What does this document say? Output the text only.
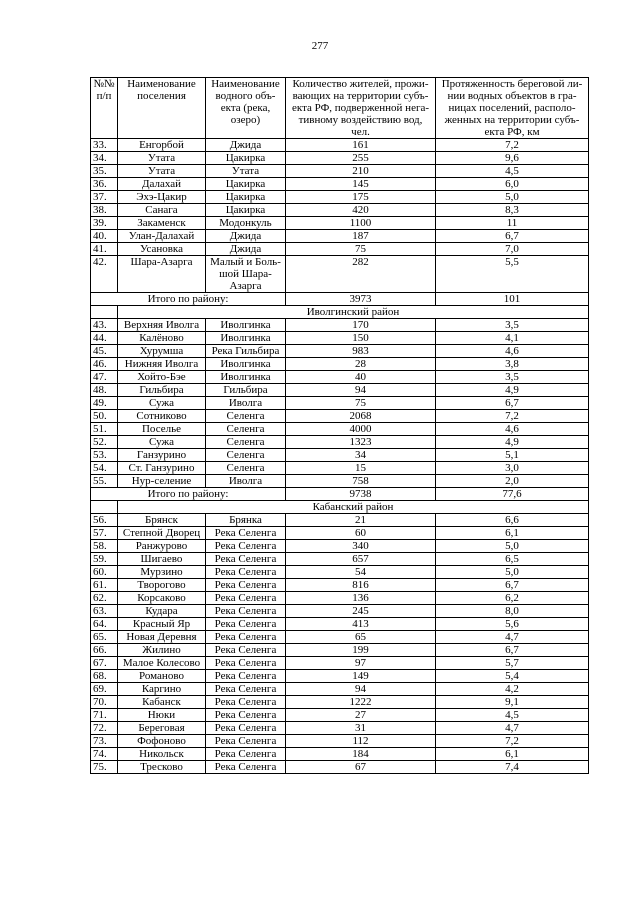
277
№№ п/п	Наименование поселения	Наименование водного объ-екта (река, озеро)	Количество жителей, прожи-вающих на территории субъ-екта РФ, подверженной нега-тивному воздействию вод, чел.	Протяженность береговой ли-нии водных объектов в гра-ницах поселений, располо-женных на территории субъ-екта РФ, км
33.	Енгорбой	Джида	161	7,2
34.	Утата	Цакирка	255	9,6
35.	Утата	Утата	210	4,5
36.	Далахай	Цакирка	145	6,0
37.	Эхэ-Цакир	Цакирка	175	5,0
38.	Санага	Цакирка	420	8,3
39.	Закаменск	Модонкуль	1100	11
40.	Улан-Далахай	Джида	187	6,7
41.	Усановка	Джида	75	7,0
42.	Шара-Азарга	Малый и Боль-шой Шара-Азарга	282	5,5
Итого по району:			3973	101
	Иволгинский район			
43.	Верхняя Иволга	Иволгинка	170	3,5
44.	Калёново	Иволгинка	150	4,1
45.	Хурумша	Река Гильбира	983	4,6
46.	Нижняя Иволга	Иволгинка	28	3,8
47.	Хойто-Бэе	Иволгинка	40	3,5
48.	Гильбира	Гильбира	94	4,9
49.	Сужа	Иволга	75	6,7
50.	Сотниково	Селенга	2068	7,2
51.	Поселье	Селенга	4000	4,6
52.	Сужа	Селенга	1323	4,9
53.	Ганзурино	Селенга	34	5,1
54.	Ст. Ганзурино	Селенга	15	3,0
55.	Нур-селение	Иволга	758	2,0
Итого по району:			9738	77,6
	Кабанский район			
56.	Брянск	Брянка	21	6,6
57.	Степной Дворец	Река Селенга	60	6,1
58.	Ранжурово	Река Селенга	340	5,0
59.	Шигаево	Река Селенга	657	6,5
60.	Мурзино	Река Селенга	54	5,0
61.	Творогово	Река Селенга	816	6,7
62.	Корсаково	Река Селенга	136	6,2
63.	Кудара	Река Селенга	245	8,0
64.	Красный Яр	Река Селенга	413	5,6
65.	Новая Деревня	Река Селенга	65	4,7
66.	Жилино	Река Селенга	199	6,7
67.	Малое Колесово	Река Селенга	97	5,7
68.	Романово	Река Селенга	149	5,4
69.	Каргино	Река Селенга	94	4,2
70.	Кабанск	Река Селенга	1222	9,1
71.	Нюки	Река Селенга	27	4,5
72.	Береговая	Река Селенга	31	4,7
73.	Фофоново	Река Селенга	112	7,2
74.	Никольск	Река Селенга	184	6,1
75.	Тресково	Река Селенга	67	7,4
